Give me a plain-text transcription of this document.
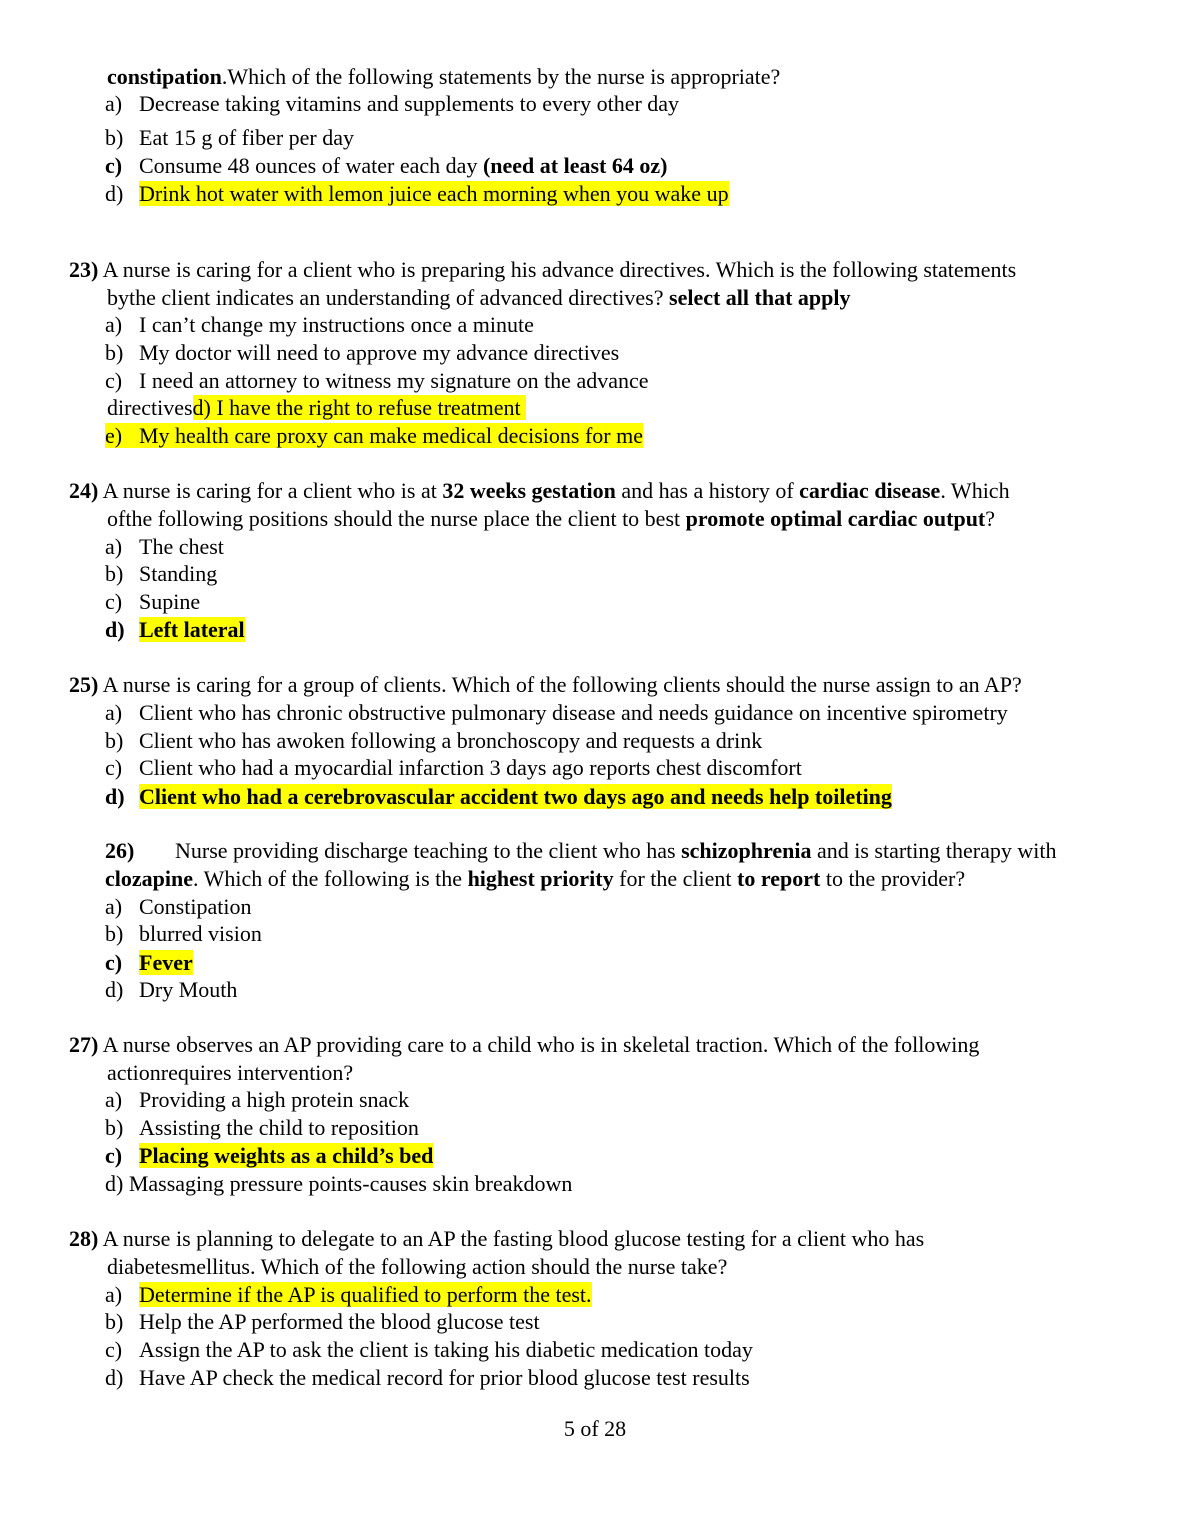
constipation.Which of the following statements by the nurse is appropriate?
a) Decrease taking vitamins and supplements to every other day
b) Eat 15 g of fiber per day
c) Consume 48 ounces of water each day (need at least 64 oz)
d) Drink hot water with lemon juice each morning when you wake up
23) A nurse is caring for a client who is preparing his advance directives. Which is the following statements
bythe client indicates an understanding of advanced directives? select all that apply
a) I can’t change my instructions once a minute
b) My doctor will need to approve my advance directives
c) I need an attorney to witness my signature on the advance
directivesd) I have the right to refuse treatment
e) My health care proxy can make medical decisions for me
24) A nurse is caring for a client who is at 32 weeks gestation and has a history of cardiac disease. Which
ofthe following positions should the nurse place the client to best promote optimal cardiac output?
a) The chest
b) Standing
c) Supine
d) Left lateral
25) A nurse is caring for a group of clients. Which of the following clients should the nurse assign to an AP?
a) Client who has chronic obstructive pulmonary disease and needs guidance on incentive spirometry
b) Client who has awoken following a bronchoscopy and requests a drink
c) Client who had a myocardial infarction 3 days ago reports chest discomfort
d) Client who had a cerebrovascular accident two days ago and needs help toileting
26) Nurse providing discharge teaching to the client who has schizophrenia and is starting therapy with
clozapine. Which of the following is the highest priority for the client to report to the provider?
a) Constipation
b) blurred vision
c) Fever
d) Dry Mouth
27) A nurse observes an AP providing care to a child who is in skeletal traction. Which of the following
actionrequires intervention?
a) Providing a high protein snack
b) Assisting the child to reposition
c) Placing weights as a child’s bed
d) Massaging pressure points-causes skin breakdown
28) A nurse is planning to delegate to an AP the fasting blood glucose testing for a client who has
diabetesmellitus. Which of the following action should the nurse take?
a) Determine if the AP is qualified to perform the test.
b) Help the AP performed the blood glucose test
c) Assign the AP to ask the client is taking his diabetic medication today
d) Have AP check the medical record for prior blood glucose test results
5 of 28
